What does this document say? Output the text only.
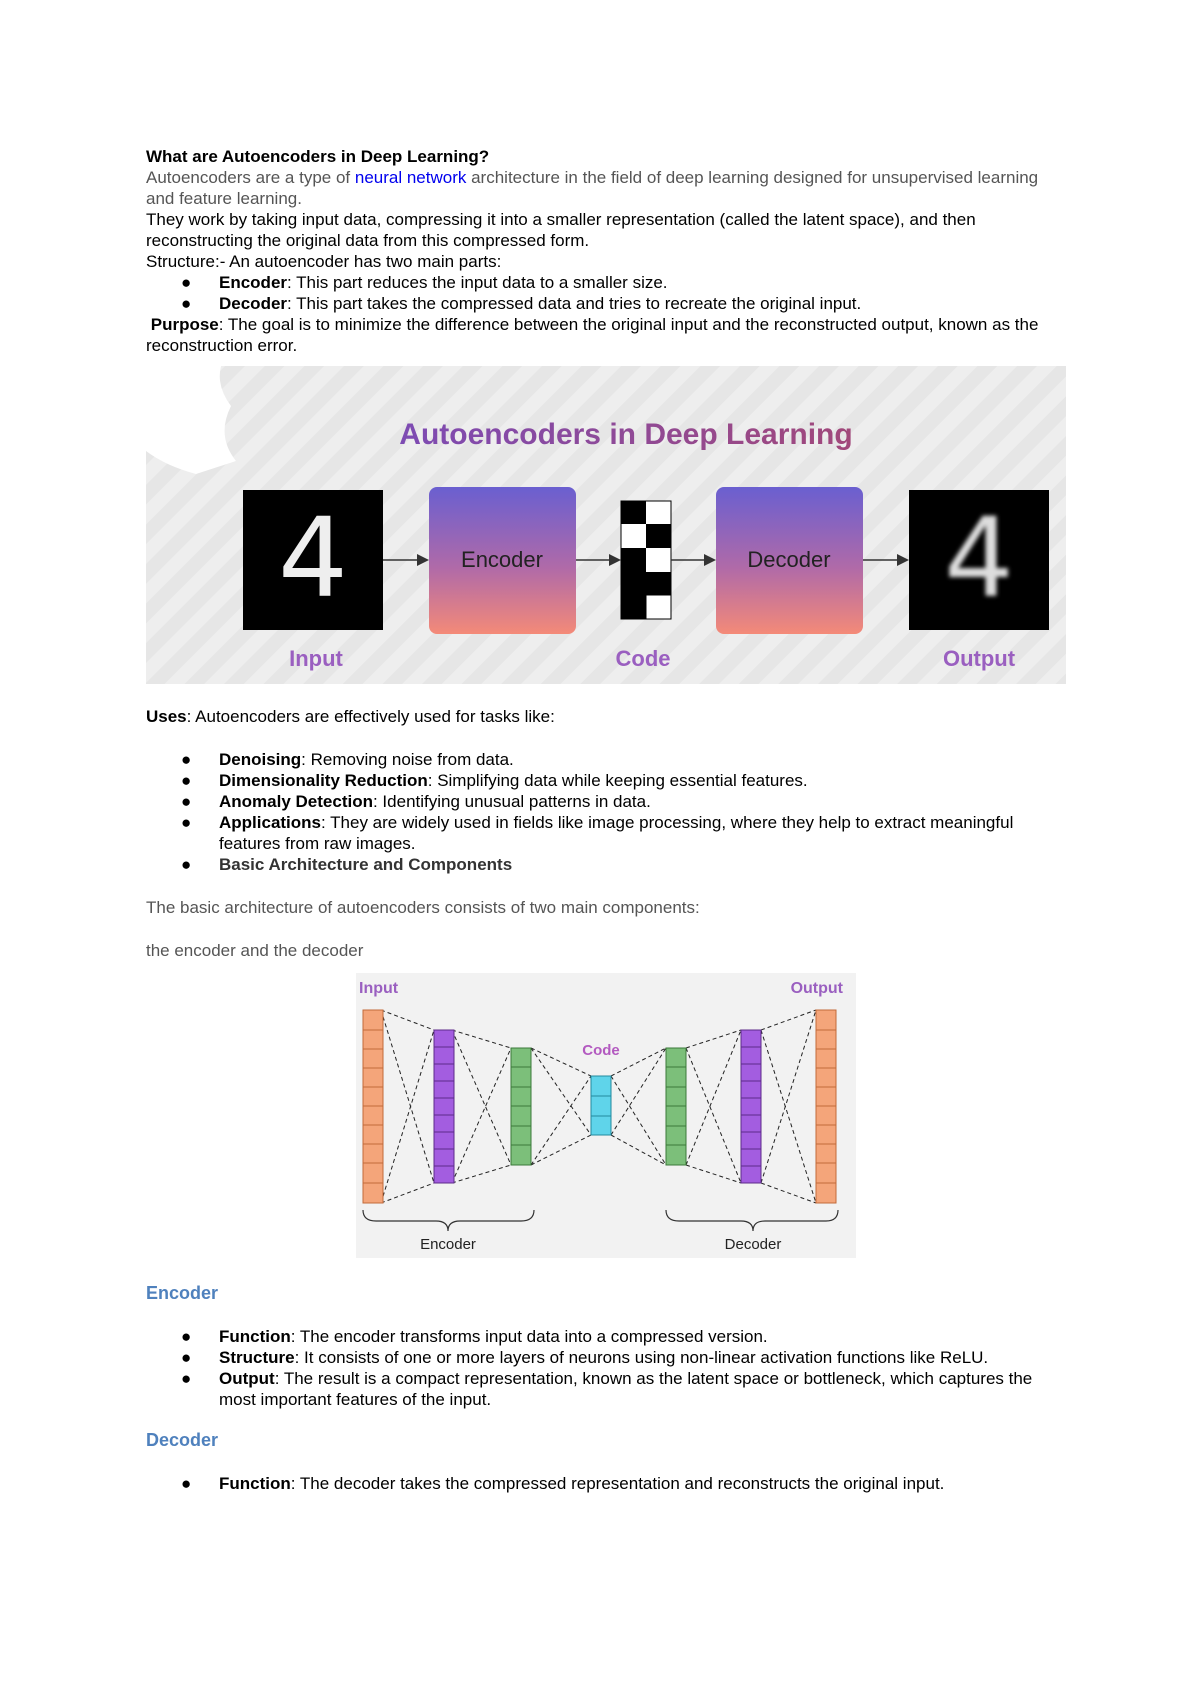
What are Autoencoders in Deep Learning?

Autoencoders are a type of neural network architecture in the field of deep learning designed for unsupervised learning and feature learning.

They work by taking input data, compressing it into a smaller representation (called the latent space), and then reconstructing the original data from this compressed form.

Structure:- An autoencoder has two main parts:

● Encoder: This part reduces the input data to a smaller size.
● Decoder: This part takes the compressed data and tries to recreate the original input.

Purpose: The goal is to minimize the difference between the original input and the reconstructed output, known as the reconstruction error.

Autoencoders in Deep Learning
4	Encoder	Decoder 4
Input	Code	Output

Uses: Autoencoders are effectively used for tasks like:

● Denoising: Removing noise from data.
● Dimensionality Reduction: Simplifying data while keeping essential features.
● Anomaly Detection: Identifying unusual patterns in data.
● Applications: They are widely used in fields like image processing, where they help to extract meaningful features from raw images.
● Basic Architecture and Components

The basic architecture of autoencoders consists of two main components:

the encoder and the decoder

Input	Output
Code
Encoder	Decoder

Encoder

● Function: The encoder transforms input data into a compressed version.
● Structure: It consists of one or more layers of neurons using non-linear activation functions like ReLU.
● Output: The result is a compact representation, known as the latent space or bottleneck, which captures the most important features of the input.

Decoder

● Function: The decoder takes the compressed representation and reconstructs the original input.
